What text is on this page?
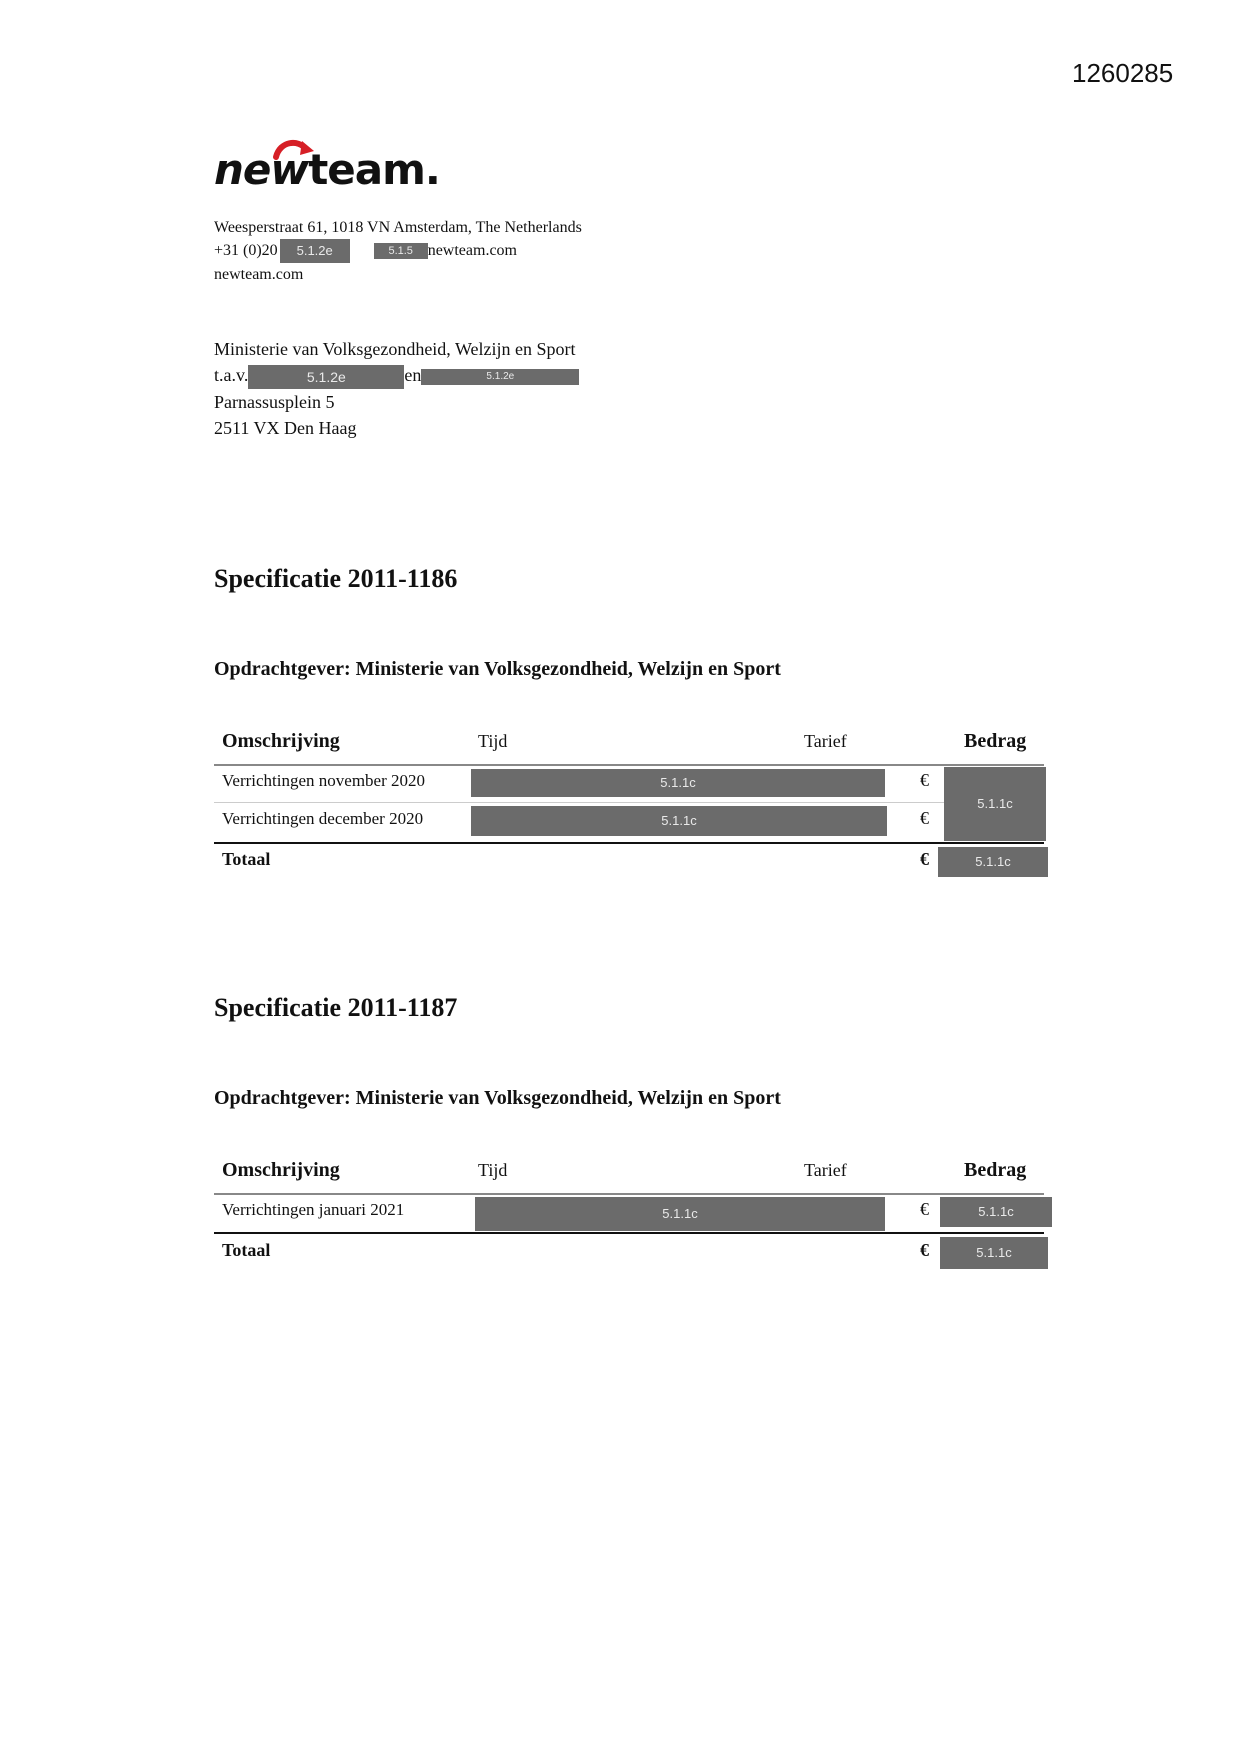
1260285
newteam.
Weesperstraat 61, 1018 VN Amsterdam, The Netherlands
+31 (0)20 5.1.2e	5.1.5 newteam.com
newteam.com
Ministerie van Volksgezondheid, Welzijn en Sport
t.a.v.	5.1.2e	en	5.1.2e
Parnassusplein 5
2511 VX Den Haag
Specificatie 2011-1186
Opdrachtgever: Ministerie van Volksgezondheid, Welzijn en Sport
Omschrijving	Tijd	Tarief	Bedrag
Verrichtingen november 2020	5.1.1c	€
Verrichtingen december 2020	5.1.1c	€
5.1.1c
Totaal	€	5.1.1c
Specificatie 2011-1187
Opdrachtgever: Ministerie van Volksgezondheid, Welzijn en Sport
Omschrijving	Tijd	Tarief	Bedrag
Verrichtingen januari 2021	5.1.1c	€	5.1.1c
Totaal	€	5.1.1c
